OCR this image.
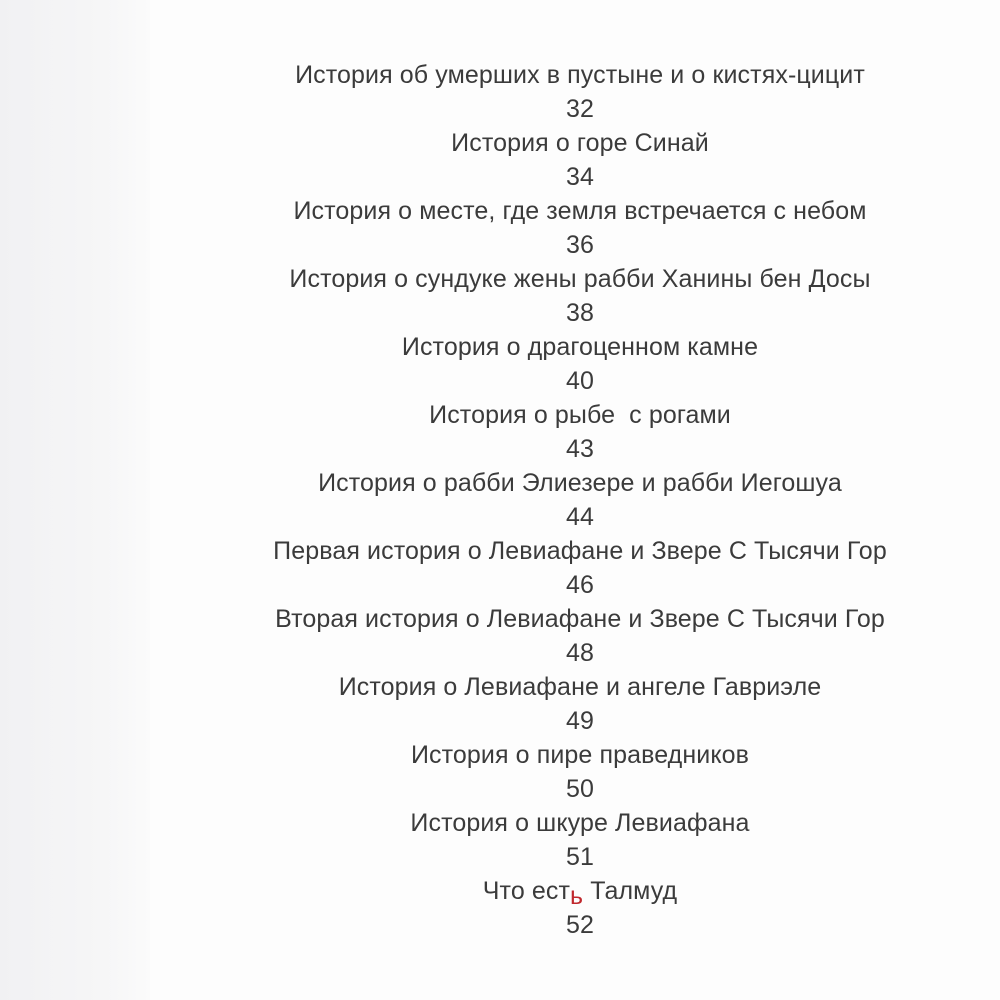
История об умерших в пустыне и о кистях-цицит
32
История о горе Синай
34
История о месте, где земля встречается с небом
36
История о сундуке жены рабби Ханины бен Досы
38
История о драгоценном камне
40
История о рыбе  с рогами
43
История о рабби Элиезере и рабби Иегошуа
44
Первая история о Левиафане и Звере С Тысячи Гор
46
Вторая история о Левиафане и Звере С Тысячи Гор
48
История о Левиафане и ангеле Гавриэле
49
История о пире праведников
50
История о шкуре Левиафана
51
Что есть Талмуд
52
